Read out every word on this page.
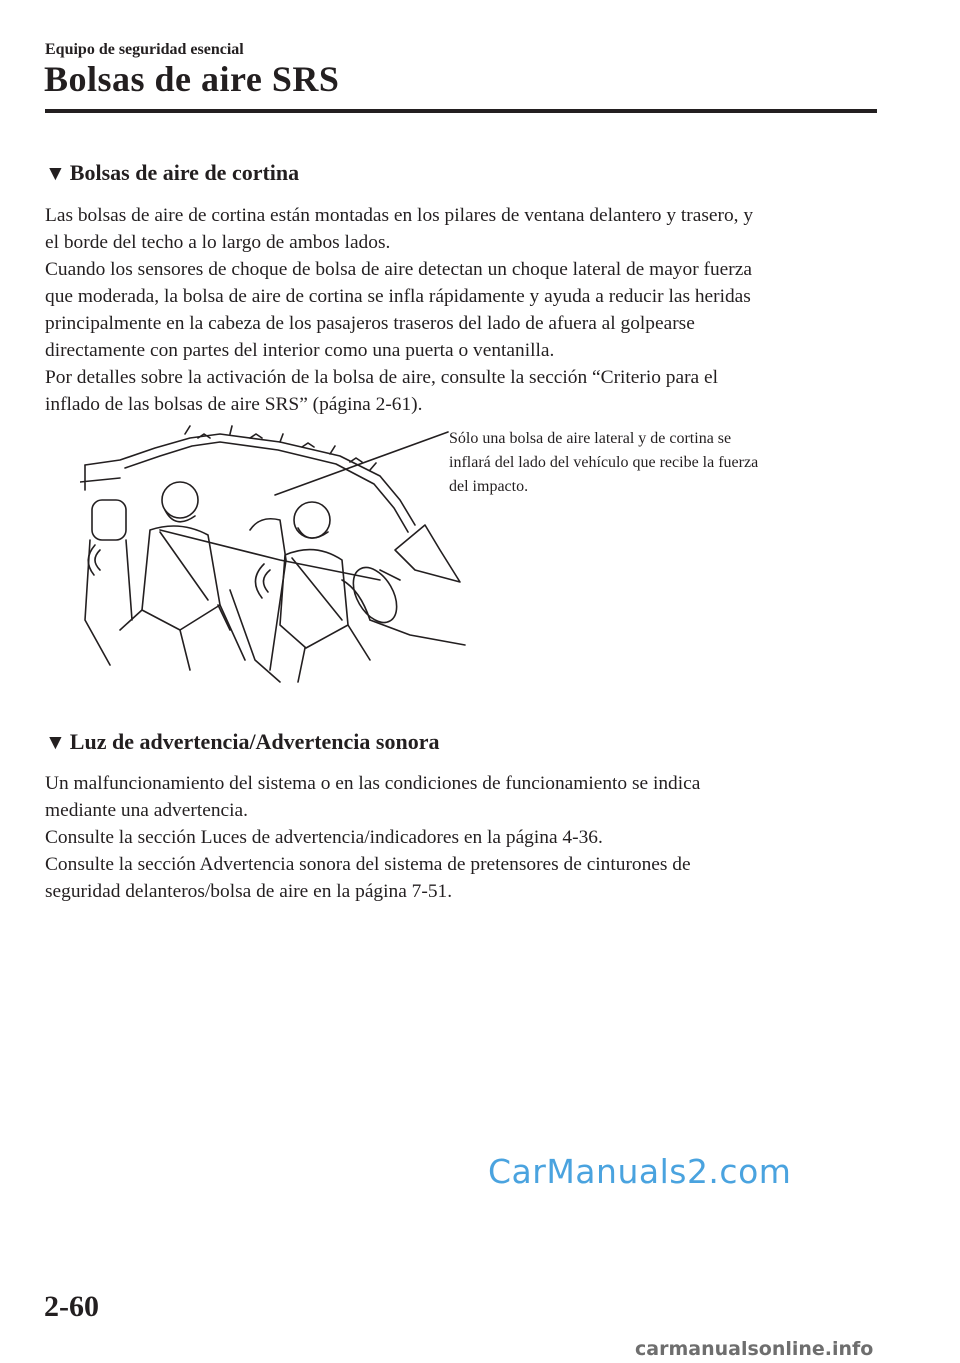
Equipo de seguridad esencial
Bolsas de aire SRS
▼ Bolsas de aire de cortina

Las bolsas de aire de cortina están montadas en los pilares de ventana delantero y trasero, y

el borde del techo a lo largo de ambos lados.

Cuando los sensores de choque de bolsa de aire detectan un choque lateral de mayor fuerza

que moderada, la bolsa de aire de cortina se infla rápidamente y ayuda a reducir las heridas

principalmente en la cabeza de los pasajeros traseros del lado de afuera al golpearse

directamente con partes del interior como una puerta o ventanilla.

Por detalles sobre la activación de la bolsa de aire, consulte la sección “Criterio para el

inflado de las bolsas de aire SRS” (página 2-61).

Sólo una bolsa de aire lateral y de cortina se

inflará del lado del vehículo que recibe la fuerza

del impacto.

▼ Luz de advertencia/Advertencia sonora

Un malfuncionamiento del sistema o en las condiciones de funcionamiento se indica

mediante una advertencia.

Consulte la sección Luces de advertencia/indicadores en la página 4-36.

Consulte la sección Advertencia sonora del sistema de pretensores de cinturones de

seguridad delanteros/bolsa de aire en la página 7-51.

CarManuals2.com
2-60
carmanualsonline.info
